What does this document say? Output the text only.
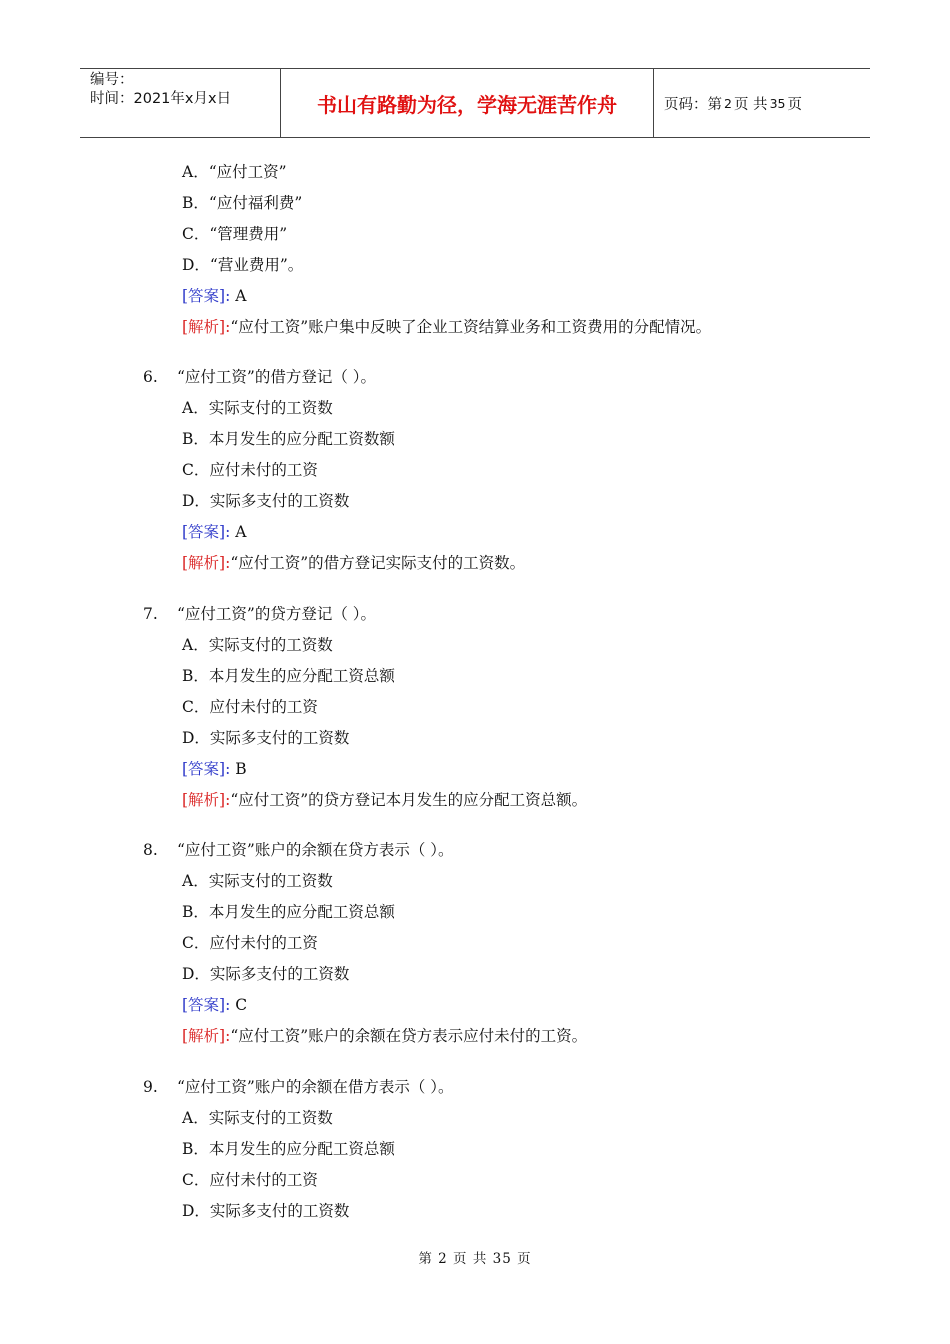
编号：
时间：2021年x月x日	书山有路勤为径，学海无涯苦作舟	页码：第 2 页 共 35 页
A．“应付工资”
B．“应付福利费”
C．“管理费用”
D．“营业费用”。
[答案]: A
[解析]:“应付工资”账户集中反映了企业工资结算业务和工资费用的分配情况。
6. “应付工资”的借方登记（ ）。
A．实际支付的工资数
B．本月发生的应分配工资数额
C．应付未付的工资
D．实际多支付的工资数
[答案]: A
[解析]:“应付工资”的借方登记实际支付的工资数。
7. “应付工资”的贷方登记（ ）。
A．实际支付的工资数
B．本月发生的应分配工资总额
C．应付未付的工资
D．实际多支付的工资数
[答案]: B
[解析]:“应付工资”的贷方登记本月发生的应分配工资总额。
8. “应付工资”账户的余额在贷方表示（ ）。
A．实际支付的工资数
B．本月发生的应分配工资总额
C．应付未付的工资
D．实际多支付的工资数
[答案]: C
[解析]:“应付工资”账户的余额在贷方表示应付未付的工资。
9. “应付工资”账户的余额在借方表示（ ）。
A．实际支付的工资数
B．本月发生的应分配工资总额
C．应付未付的工资
D．实际多支付的工资数
第 2 页 共 35 页
